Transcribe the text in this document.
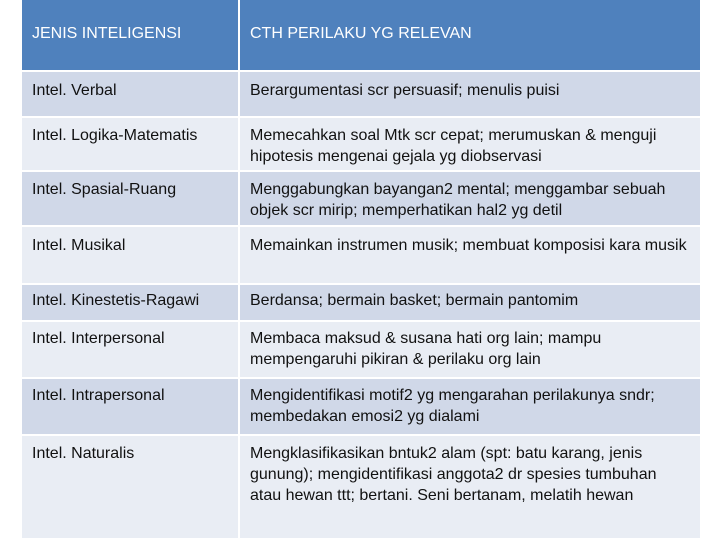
JENIS INTELIGENSI	CTH PERILAKU YG RELEVAN
Intel. Verbal	Berargumentasi scr persuasif; menulis puisi
Intel. Logika-Matematis	Memecahkan soal Mtk scr cepat; merumuskan & menguji hipotesis mengenai gejala yg diobservasi
Intel. Spasial-Ruang	Menggabungkan bayangan2 mental; menggambar sebuah objek scr mirip; memperhatikan hal2 yg detil
Intel. Musikal	Memainkan instrumen musik; membuat komposisi kara musik
Intel. Kinestetis-Ragawi	Berdansa; bermain basket; bermain pantomim
Intel. Interpersonal	Membaca maksud & susana hati org lain; mampu mempengaruhi pikiran & perilaku org lain
Intel. Intrapersonal	Mengidentifikasi motif2 yg mengarahan perilakunya sndr; membedakan emosi2 yg dialami
Intel. Naturalis	Mengklasifikasikan bntuk2 alam (spt: batu karang, jenis gunung); mengidentifikasi anggota2 dr spesies tumbuhan atau hewan ttt; bertani. Seni bertanam, melatih hewan
